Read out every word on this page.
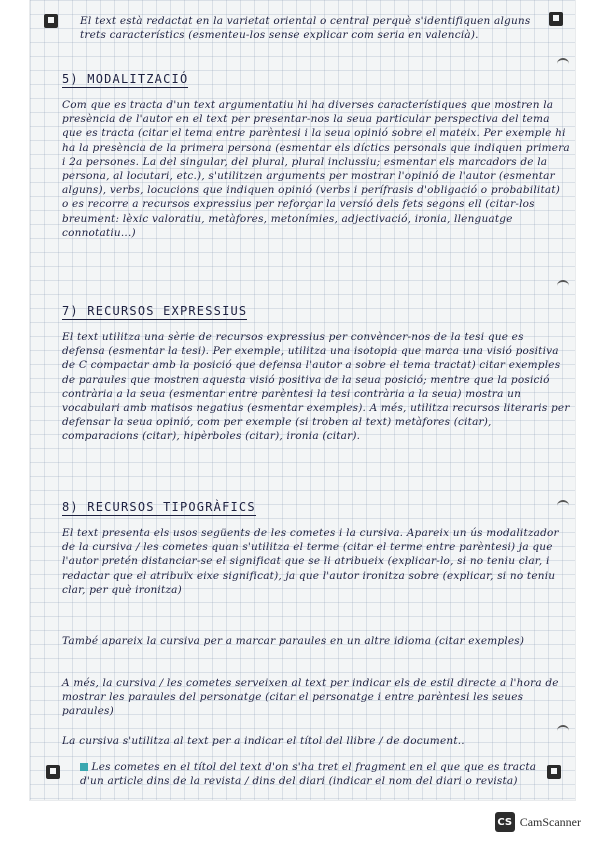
El text està redactat en la varietat oriental o central perquè s'identifiquen alguns trets característics (esmenteu-los sense explicar com seria en valencià).
5) MODALITZACIÓ
Com que es tracta d'un text argumentatiu hi ha diverses característiques que mostren la presència de l'autor en el text per presentar-nos la seua particular perspectiva del tema que es tracta (citar el tema entre parèntesi i la seua opinió sobre el mateix. Per exemple hi ha la presència de la primera persona (esmentar els díctics personals que indiquen primera i 2a persones. La del singular, del plural, plural inclussiu; esmentar els marcadors de la persona, al locutari, etc.), s'utilitzen arguments per mostrar l'opinió de l'autor (esmentar alguns), verbs, locucions que indiquen opinió (verbs i perífrasis d'obligació o probabilitat) o es recorre a recursos expressius per reforçar la versió dels fets segons ell (citar-los breument: lèxic valoratiu, metàfores, metonímies, adjectivació, ironia, llenguatge connotatiu...)
7) RECURSOS EXPRESSIUS
El text utilitza una sèrie de recursos expressius per convèncer-nos de la tesi que es defensa (esmentar la tesi). Per exemple, utilitza una isotopia que marca una visió positiva de C compactar amb la posició que defensa l'autor a sobre el tema tractat) citar exemples de paraules que mostren aquesta visió positiva de la seua posició; mentre que la posició contrària a la seua (esmentar entre parèntesi la tesi contrària a la seua) mostra un vocabulari amb matisos negatius (esmentar exemples). A més, utilitza recursos literaris per defensar la seua opinió, com per exemple (si troben al text) metàfores (citar), comparacions (citar), hipèrboles (citar), ironia (citar).
8) RECURSOS TIPOGRÀFICS
El text presenta els usos següents de les cometes i la cursiva. Apareix un ús modalitzador de la cursiva / les cometes quan s'utilitza el terme (citar el terme entre parèntesi) ja que l'autor pretén distanciar-se el significat que se li atribueix (explicar-lo, si no teniu clar, i redactar que el atribuïx eixe significat), ja que l'autor ironitza sobre (explicar, si no teniu clar, per què ironitza)
També apareix la cursiva per a marcar paraules en un altre idioma (citar exemples)
A més, la cursiva / les cometes serveixen al text per indicar els de estil directe a l'hora de mostrar les paraules del personatge (citar el personatge i entre parèntesi les seues paraules)
La cursiva s'utilitza al text per a indicar el títol del llibre / de document..
Les cometes en el títol del text d'on s'ha tret el fragment en el que que es tracta d'un article dins de la revista / dins del diari (indicar el nom del diari o revista)
CS CamScanner
